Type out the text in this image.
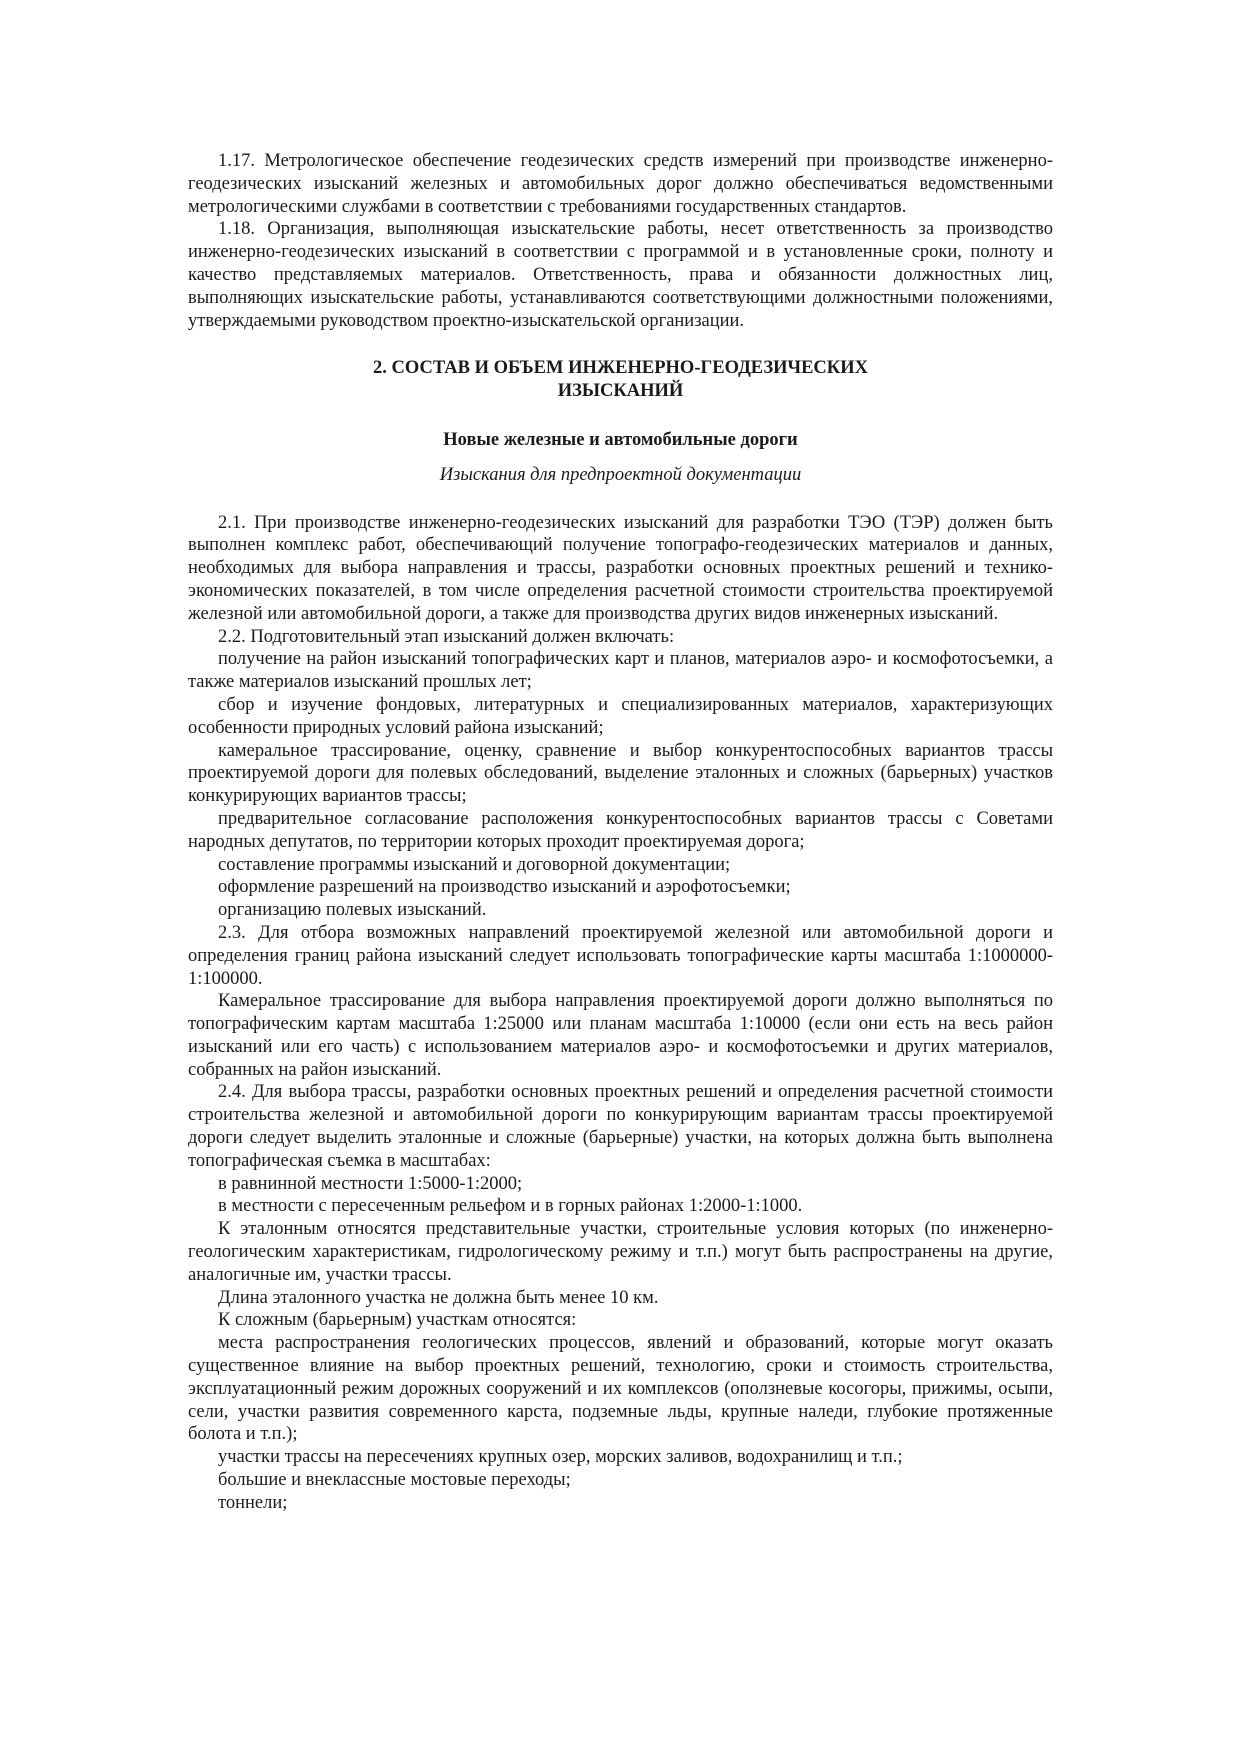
1.17. Метрологическое обеспечение геодезических средств измерений при производстве инженерно-геодезических изысканий железных и автомобильных дорог должно обеспечиваться ведомственными метрологическими службами в соответствии с требованиями государственных стандартов.

1.18. Организация, выполняющая изыскательские работы, несет ответственность за производство инженерно-геодезических изысканий в соответствии с программой и в установленные сроки, полноту и качество представляемых материалов. Ответственность, права и обязанности должностных лиц, выполняющих изыскательские работы, устанавливаются соответствующими должностными положениями, утверждаемыми руководством проектно-изыскательской организации.

2. СОСТАВ И ОБЪЕМ ИНЖЕНЕРНО-ГЕОДЕЗИЧЕСКИХ
ИЗЫСКАНИЙ

Новые железные и автомобильные дороги

Изыскания для предпроектной документации

2.1. При производстве инженерно-геодезических изысканий для разработки ТЭО (ТЭР) должен быть выполнен комплекс работ, обеспечивающий получение топографо-геодезических материалов и данных, необходимых для выбора направления и трассы, разработки основных проектных решений и технико-экономических показателей, в том числе определения расчетной стоимости строительства проектируемой железной или автомобильной дороги, а также для производства других видов инженерных изысканий.

2.2. Подготовительный этап изысканий должен включать:

получение на район изысканий топографических карт и планов, материалов аэро- и космофотосъемки, а также материалов изысканий прошлых лет;

сбор и изучение фондовых, литературных и специализированных материалов, характеризующих особенности природных условий района изысканий;

камеральное трассирование, оценку, сравнение и выбор конкурентоспособных вариантов трассы проектируемой дороги для полевых обследований, выделение эталонных и сложных (барьерных) участков конкурирующих вариантов трассы;

предварительное согласование расположения конкурентоспособных вариантов трассы с Советами народных депутатов, по территории которых проходит проектируемая дорога;

составление программы изысканий и договорной документации;

оформление разрешений на производство изысканий и аэрофотосъемки;

организацию полевых изысканий.

2.3. Для отбора возможных направлений проектируемой железной или автомобильной дороги и определения границ района изысканий следует использовать топографические карты масштаба 1:1000000-1:100000.

Камеральное трассирование для выбора направления проектируемой дороги должно выполняться по топографическим картам масштаба 1:25000 или планам масштаба 1:10000 (если они есть на весь район изысканий или его часть) с использованием материалов аэро- и космофотосъемки и других материалов, собранных на район изысканий.

2.4. Для выбора трассы, разработки основных проектных решений и определения расчетной стоимости строительства железной и автомобильной дороги по конкурирующим вариантам трассы проектируемой дороги следует выделить эталонные и сложные (барьерные) участки, на которых должна быть выполнена топографическая съемка в масштабах:

в равнинной местности 1:5000-1:2000;

в местности с пересеченным рельефом и в горных районах 1:2000-1:1000.

К эталонным относятся представительные участки, строительные условия которых (по инженерно-геологическим характеристикам, гидрологическому режиму и т.п.) могут быть распространены на другие, аналогичные им, участки трассы.

Длина эталонного участка не должна быть менее 10 км.

К сложным (барьерным) участкам относятся:

места распространения геологических процессов, явлений и образований, которые могут оказать существенное влияние на выбор проектных решений, технологию, сроки и стоимость строительства, эксплуатационный режим дорожных сооружений и их комплексов (оползневые косогоры, прижимы, осыпи, сели, участки развития современного карста, подземные льды, крупные наледи, глубокие протяженные болота и т.п.);

участки трассы на пересечениях крупных озер, морских заливов, водохранилищ и т.п.;

большие и внеклассные мостовые переходы;

тоннели;
